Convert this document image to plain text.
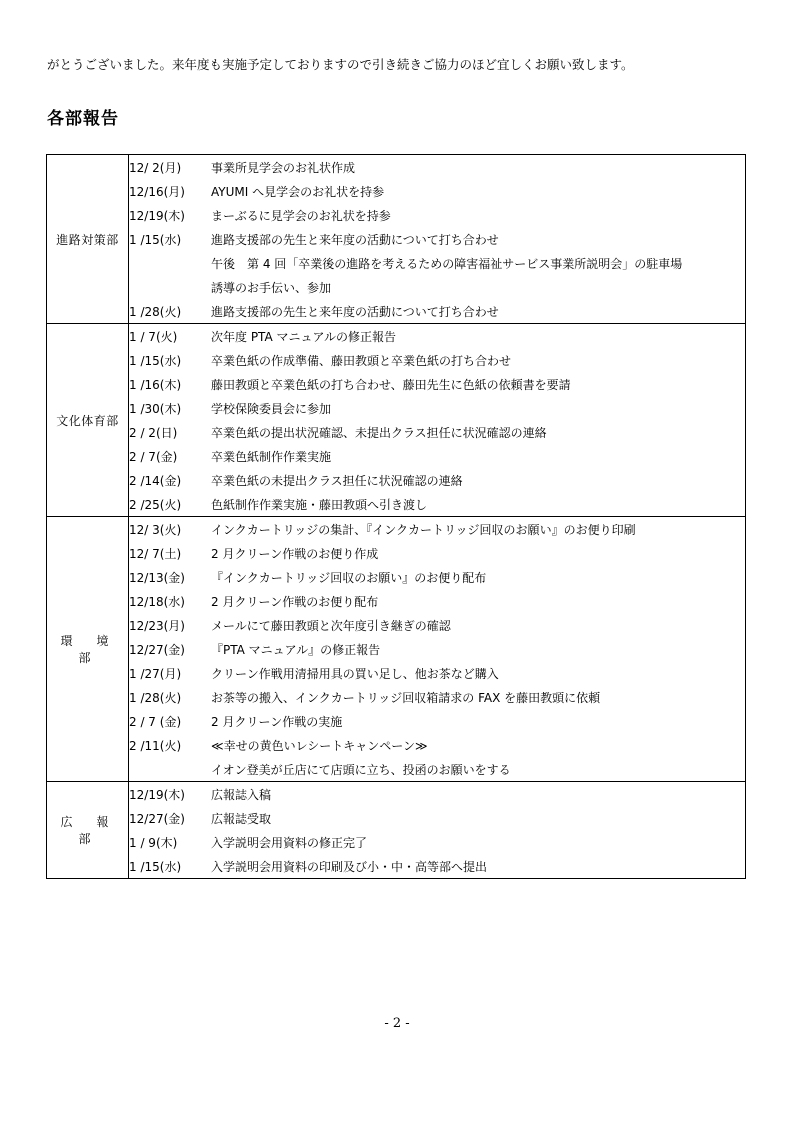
がとうございました。来年度も実施予定しておりますので引き続きご協力のほど宜しくお願い致します。
各部報告
進路対策部	12/ 2(月)	事業所見学会のお礼状作成
	12/16(月)	AYUMI へ見学会のお礼状を持参
	12/19(木)	まーぶるに見学会のお礼状を持参
	1 /15(水)	進路支援部の先生と来年度の活動について打ち合わせ
		午後　第 4 回「卒業後の進路を考えるための障害福祉サービス事業所説明会」の駐車場
		誘導のお手伝い、参加
	1 /28(火)	進路支援部の先生と来年度の活動について打ち合わせ
文化体育部	1 / 7(火)	次年度 PTA マニュアルの修正報告
	1 /15(水)	卒業色紙の作成準備、藤田教頭と卒業色紙の打ち合わせ
	1 /16(木)	藤田教頭と卒業色紙の打ち合わせ、藤田先生に色紙の依頼書を要請
	1 /30(木)	学校保険委員会に参加
	2 / 2(日)	卒業色紙の提出状況確認、未提出クラス担任に状況確認の連絡
	2 / 7(金)	卒業色紙制作作業実施
	2 /14(金)	卒業色紙の未提出クラス担任に状況確認の連絡
	2 /25(火)	色紙制作作業実施・藤田教頭へ引き渡し
環　境　部	12/ 3(火)	インクカートリッジの集計、『インクカートリッジ回収のお願い』のお便り印刷
	12/ 7(土)	2 月クリーン作戦のお便り作成
	12/13(金)	『インクカートリッジ回収のお願い』のお便り配布
	12/18(水)	2 月クリーン作戦のお便り配布
	12/23(月)	メールにて藤田教頭と次年度引き継ぎの確認
	12/27(金)	『PTA マニュアル』の修正報告
	1 /27(月)	クリーン作戦用清掃用具の買い足し、他お茶など購入
	1 /28(火)	お茶等の搬入、インクカートリッジ回収箱請求の FAX を藤田教頭に依頼
	2 / 7 (金)	2 月クリーン作戦の実施
	2 /11(火)	≪幸せの黄色いレシートキャンペーン≫
		イオン登美が丘店にて店頭に立ち、投函のお願いをする
広　報　部	12/19(木)	広報誌入稿
	12/27(金)	広報誌受取
	1 / 9(木)	入学説明会用資料の修正完了
	1 /15(水)	入学説明会用資料の印刷及び小・中・高等部へ提出
- 2 -
